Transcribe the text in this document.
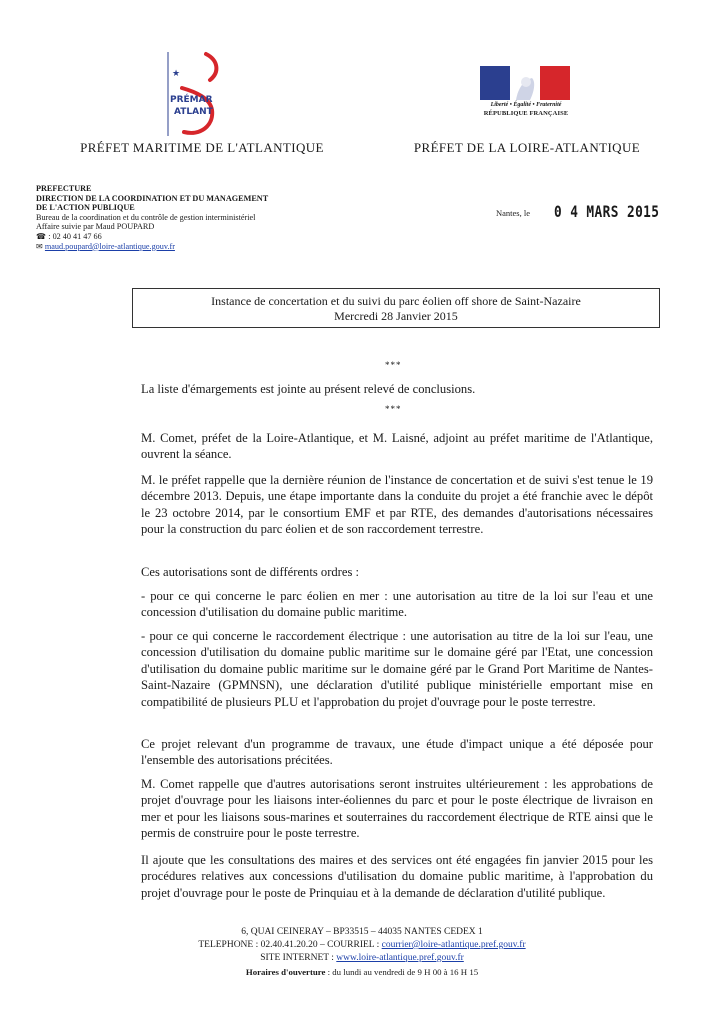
★
PRÉMAR
ATLANT
Liberté • Égalité • Fraternité
RÉPUBLIQUE FRANÇAISE
PRÉFET MARITIME DE L'ATLANTIQUE	PRÉFET DE LA LOIRE-ATLANTIQUE
PREFECTURE
DIRECTION DE LA COORDINATION ET DU MANAGEMENT
DE L'ACTION PUBLIQUE
Bureau de la coordination et du contrôle de gestion interministériel
Affaire suivie par Maud POUPARD
☎ : 02 40 41 47 66
✉ maud.poupard@loire-atlantique.gouv.fr
Nantes, le 0 4 MARS 2015
Instance de concertation et du suivi du parc éolien off shore de Saint-Nazaire
Mercredi 28 Janvier 2015
***
La liste d'émargements est jointe au présent relevé de conclusions.
***
M. Comet, préfet de la Loire-Atlantique, et M. Laisné, adjoint au préfet maritime de l'Atlantique, ouvrent la séance.
M. le préfet rappelle que la dernière réunion de l'instance de concertation et de suivi s'est tenue le 19 décembre 2013. Depuis, une étape importante dans la conduite du projet a été franchie avec le dépôt le 23 octobre 2014, par le consortium EMF et par RTE, des demandes d'autorisations nécessaires pour la construction du parc éolien et de son raccordement terrestre.
Ces autorisations sont de différents ordres :
- pour ce qui concerne le parc éolien en mer : une autorisation au titre de la loi sur l'eau et une concession d'utilisation du domaine public maritime.
- pour ce qui concerne le raccordement électrique : une autorisation au titre de la loi sur l'eau, une concession d'utilisation du domaine public maritime sur le domaine géré par l'Etat, une concession d'utilisation du domaine public maritime sur le domaine géré par le Grand Port Maritime de Nantes-Saint-Nazaire (GPMNSN), une déclaration d'utilité publique ministérielle emportant mise en compatibilité de plusieurs PLU et l'approbation du projet d'ouvrage pour le poste terrestre.
Ce projet relevant d'un programme de travaux, une étude d'impact unique a été déposée pour l'ensemble des autorisations précitées.
M. Comet rappelle que d'autres autorisations seront instruites ultérieurement : les approbations de projet d'ouvrage pour les liaisons inter-éoliennes du parc et pour le poste électrique de livraison en mer et pour les liaisons sous-marines et souterraines du raccordement électrique de RTE ainsi que le permis de construire pour le poste terrestre.
Il ajoute que les consultations des maires et des services ont été engagées fin janvier 2015 pour les procédures relatives aux concessions d'utilisation du domaine public maritime, à l'approbation du projet d'ouvrage pour le poste de Prinquiau et à la demande de déclaration d'utilité publique.
6, QUAI CEINERAY – BP33515 – 44035 NANTES CEDEX 1
TELEPHONE : 02.40.41.20.20 – COURRIEL : courrier@loire-atlantique.pref.gouv.fr
SITE INTERNET : www.loire-atlantique.pref.gouv.fr
Horaires d'ouverture : du lundi au vendredi de 9 H 00 à 16 H 15
